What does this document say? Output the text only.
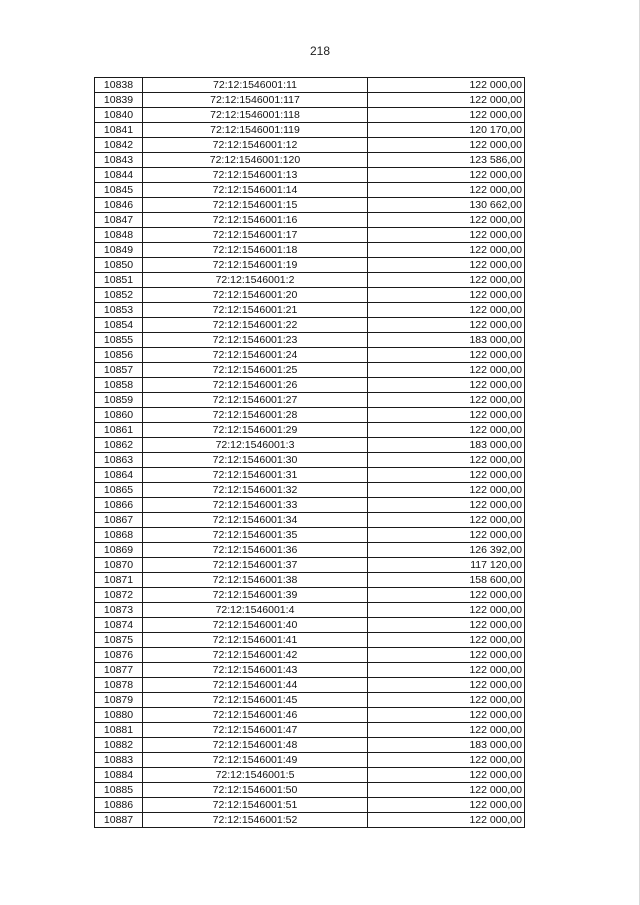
218
10838	72:12:1546001:11	122 000,00
10839	72:12:1546001:117	122 000,00
10840	72:12:1546001:118	122 000,00
10841	72:12:1546001:119	120 170,00
10842	72:12:1546001:12	122 000,00
10843	72:12:1546001:120	123 586,00
10844	72:12:1546001:13	122 000,00
10845	72:12:1546001:14	122 000,00
10846	72:12:1546001:15	130 662,00
10847	72:12:1546001:16	122 000,00
10848	72:12:1546001:17	122 000,00
10849	72:12:1546001:18	122 000,00
10850	72:12:1546001:19	122 000,00
10851	72:12:1546001:2	122 000,00
10852	72:12:1546001:20	122 000,00
10853	72:12:1546001:21	122 000,00
10854	72:12:1546001:22	122 000,00
10855	72:12:1546001:23	183 000,00
10856	72:12:1546001:24	122 000,00
10857	72:12:1546001:25	122 000,00
10858	72:12:1546001:26	122 000,00
10859	72:12:1546001:27	122 000,00
10860	72:12:1546001:28	122 000,00
10861	72:12:1546001:29	122 000,00
10862	72:12:1546001:3	183 000,00
10863	72:12:1546001:30	122 000,00
10864	72:12:1546001:31	122 000,00
10865	72:12:1546001:32	122 000,00
10866	72:12:1546001:33	122 000,00
10867	72:12:1546001:34	122 000,00
10868	72:12:1546001:35	122 000,00
10869	72:12:1546001:36	126 392,00
10870	72:12:1546001:37	117 120,00
10871	72:12:1546001:38	158 600,00
10872	72:12:1546001:39	122 000,00
10873	72:12:1546001:4	122 000,00
10874	72:12:1546001:40	122 000,00
10875	72:12:1546001:41	122 000,00
10876	72:12:1546001:42	122 000,00
10877	72:12:1546001:43	122 000,00
10878	72:12:1546001:44	122 000,00
10879	72:12:1546001:45	122 000,00
10880	72:12:1546001:46	122 000,00
10881	72:12:1546001:47	122 000,00
10882	72:12:1546001:48	183 000,00
10883	72:12:1546001:49	122 000,00
10884	72:12:1546001:5	122 000,00
10885	72:12:1546001:50	122 000,00
10886	72:12:1546001:51	122 000,00
10887	72:12:1546001:52	122 000,00
